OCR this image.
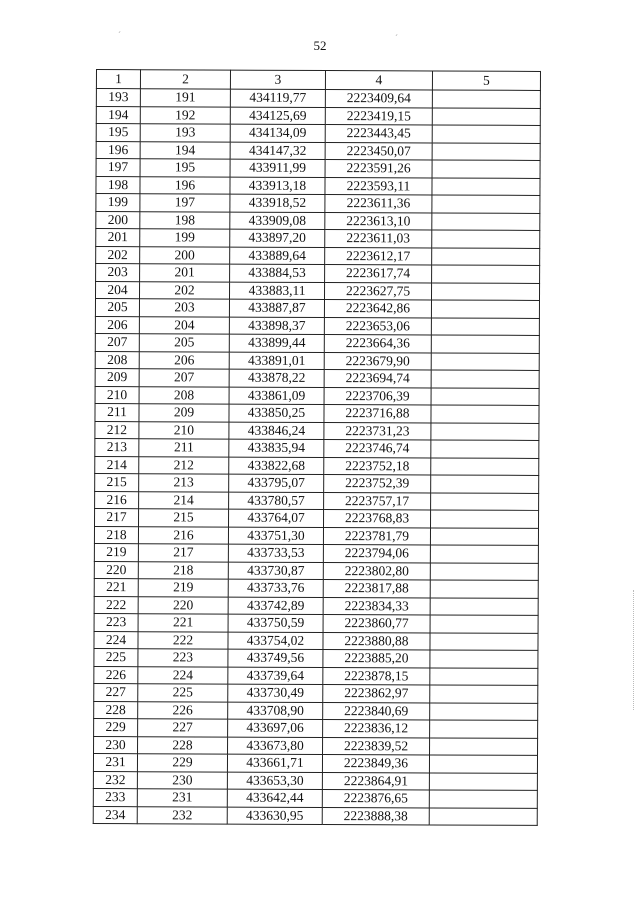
52
ˊ	ˊ
1	2	3	4	5
193	191	434119,77	2223409,64	
194	192	434125,69	2223419,15	
195	193	434134,09	2223443,45	
196	194	434147,32	2223450,07	
197	195	433911,99	2223591,26	
198	196	433913,18	2223593,11	
199	197	433918,52	2223611,36	
200	198	433909,08	2223613,10	
201	199	433897,20	2223611,03	
202	200	433889,64	2223612,17	
203	201	433884,53	2223617,74	
204	202	433883,11	2223627,75	
205	203	433887,87	2223642,86	
206	204	433898,37	2223653,06	
207	205	433899,44	2223664,36	
208	206	433891,01	2223679,90	
209	207	433878,22	2223694,74	
210	208	433861,09	2223706,39	
211	209	433850,25	2223716,88	
212	210	433846,24	2223731,23	
213	211	433835,94	2223746,74	
214	212	433822,68	2223752,18	
215	213	433795,07	2223752,39	
216	214	433780,57	2223757,17	
217	215	433764,07	2223768,83	
218	216	433751,30	2223781,79	
219	217	433733,53	2223794,06	
220	218	433730,87	2223802,80	
221	219	433733,76	2223817,88	
222	220	433742,89	2223834,33	
223	221	433750,59	2223860,77	
224	222	433754,02	2223880,88	
225	223	433749,56	2223885,20	
226	224	433739,64	2223878,15	
227	225	433730,49	2223862,97	
228	226	433708,90	2223840,69	
229	227	433697,06	2223836,12	
230	228	433673,80	2223839,52	
231	229	433661,71	2223849,36	
232	230	433653,30	2223864,91	
233	231	433642,44	2223876,65	
234	232	433630,95	2223888,38	
